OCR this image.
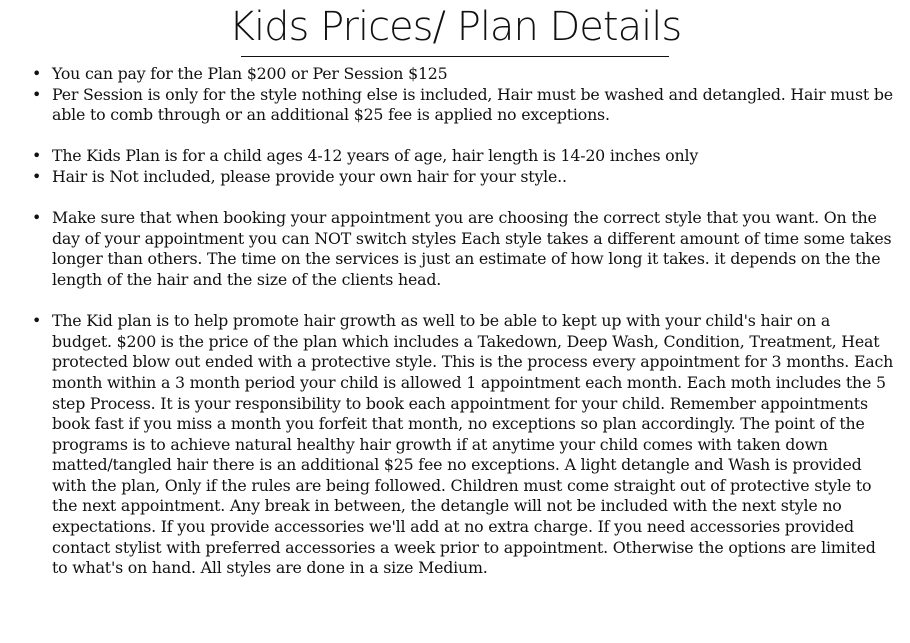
Kids Prices/ Plan Details
• You can pay for the Plan $200 or Per Session $125
• Per Session is only for the style nothing else is included, Hair must be washed and detangled. Hair must be able to comb through or an additional $25 fee is applied no exceptions.
• The Kids Plan is for a child ages 4-12 years of age, hair length is 14-20 inches only
• Hair is Not included, please provide your own hair for your style..
• Make sure that when booking your appointment you are choosing the correct style that you want. On the day of your appointment you can NOT switch styles Each style takes a different amount of time some takes longer than others. The time on the services is just an estimate of how long it takes. it depends on the the length of the hair and the size of the clients head.
• The Kid plan is to help promote hair growth as well to be able to kept up with your child's hair on a budget. $200 is the price of the plan which includes a Takedown, Deep Wash, Condition, Treatment, Heat protected blow out ended with a protective style. This is the process every appointment for 3 months. Each month within a 3 month period your child is allowed 1 appointment each month. Each moth includes the 5 step Process. It is your responsibility to book each appointment for your child. Remember appointments book fast if you miss a month you forfeit that month, no exceptions so plan accordingly. The point of the programs is to achieve natural healthy hair growth if at anytime your child comes with taken down matted/tangled hair there is an additional $25 fee no exceptions. A light detangle and Wash is provided with the plan, Only if the rules are being followed. Children must come straight out of protective style to the next appointment. Any break in between, the detangle will not be included with the next style no expectations. If you provide accessories we'll add at no extra charge. If you need accessories provided contact stylist with preferred accessories a week prior to appointment. Otherwise the options are limited to what's on hand. All styles are done in a size Medium.
